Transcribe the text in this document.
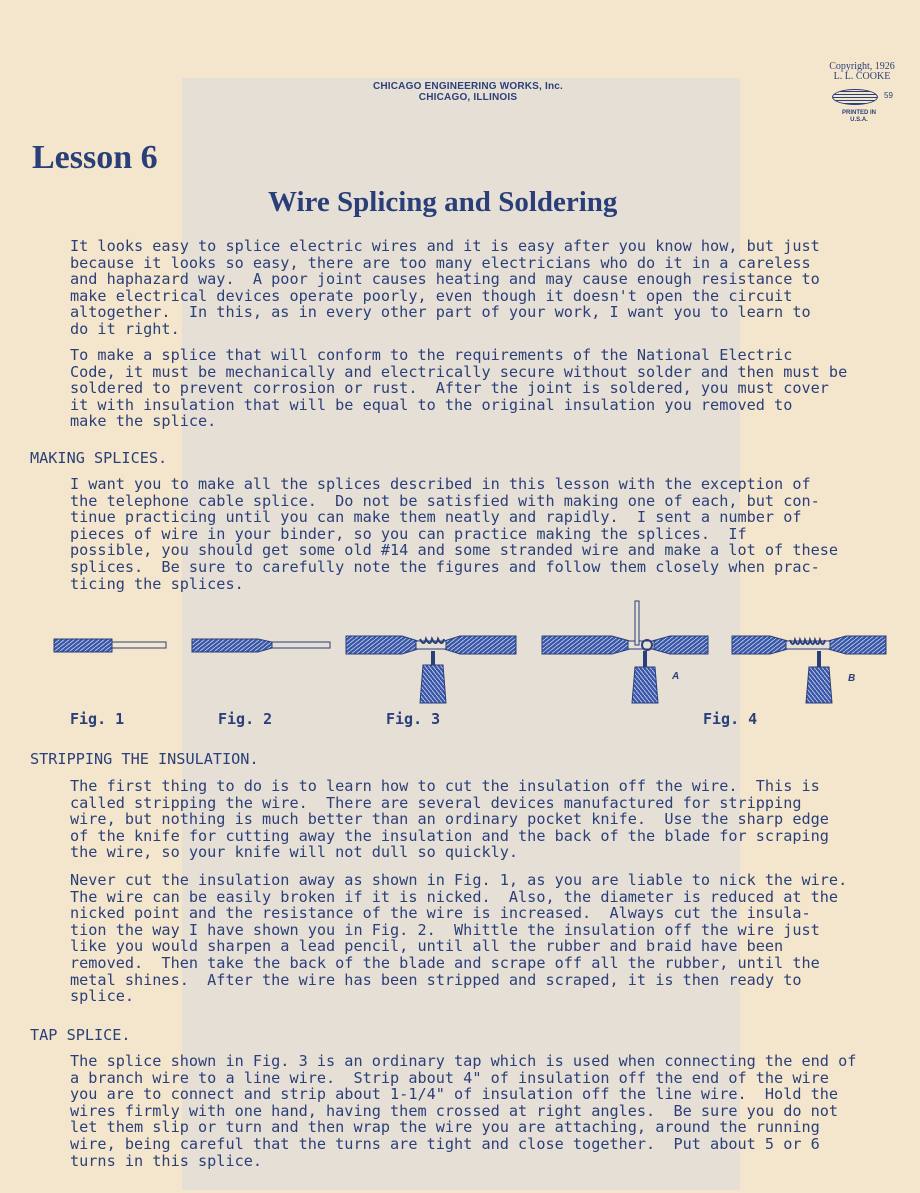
CHICAGO ENGINEERING WORKS, Inc.
CHICAGO, ILLINOIS
Copyright, 1926
L. L. COOKE
59
PRINTED IN U.S.A.
Lesson 6
Wire Splicing and Soldering

It looks easy to splice electric wires and it is easy after you know how, but just
because it looks so easy, there are too many electricians who do it in a careless
and haphazard way.  A poor joint causes heating and may cause enough resistance to
make electrical devices operate poorly, even though it doesn't open the circuit
altogether.  In this, as in every other part of your work, I want you to learn to
do it right.

To make a splice that will conform to the requirements of the National Electric
Code, it must be mechanically and electrically secure without solder and then must be
soldered to prevent corrosion or rust.  After the joint is soldered, you must cover
it with insulation that will be equal to the original insulation you removed to
make the splice.

MAKING SPLICES.

I want you to make all the splices described in this lesson with the exception of
the telephone cable splice.  Do not be satisfied with making one of each, but con-
tinue practicing until you can make them neatly and rapidly.  I sent a number of
pieces of wire in your binder, so you can practice making the splices.  If
possible, you should get some old #14 and some stranded wire and make a lot of these
splices.  Be sure to carefully note the figures and follow them closely when prac-
ticing the splices.

A	B
Fig. 1	Fig. 2	Fig. 3	Fig. 4
STRIPPING THE INSULATION.

The first thing to do is to learn how to cut the insulation off the wire.  This is
called stripping the wire.  There are several devices manufactured for stripping
wire, but nothing is much better than an ordinary pocket knife.  Use the sharp edge
of the knife for cutting away the insulation and the back of the blade for scraping
the wire, so your knife will not dull so quickly.

Never cut the insulation away as shown in Fig. 1, as you are liable to nick the wire.
The wire can be easily broken if it is nicked.  Also, the diameter is reduced at the
nicked point and the resistance of the wire is increased.  Always cut the insula-
tion the way I have shown you in Fig. 2.  Whittle the insulation off the wire just
like you would sharpen a lead pencil, until all the rubber and braid have been
removed.  Then take the back of the blade and scrape off all the rubber, until the
metal shines.  After the wire has been stripped and scraped, it is then ready to
splice.

TAP SPLICE.

The splice shown in Fig. 3 is an ordinary tap which is used when connecting the end of
a branch wire to a line wire.  Strip about 4" of insulation off the end of the wire
you are to connect and strip about 1-1/4" of insulation off the line wire.  Hold the
wires firmly with one hand, having them crossed at right angles.  Be sure you do not
let them slip or turn and then wrap the wire you are attaching, around the running
wire, being careful that the turns are tight and close together.  Put about 5 or 6
turns in this splice.
